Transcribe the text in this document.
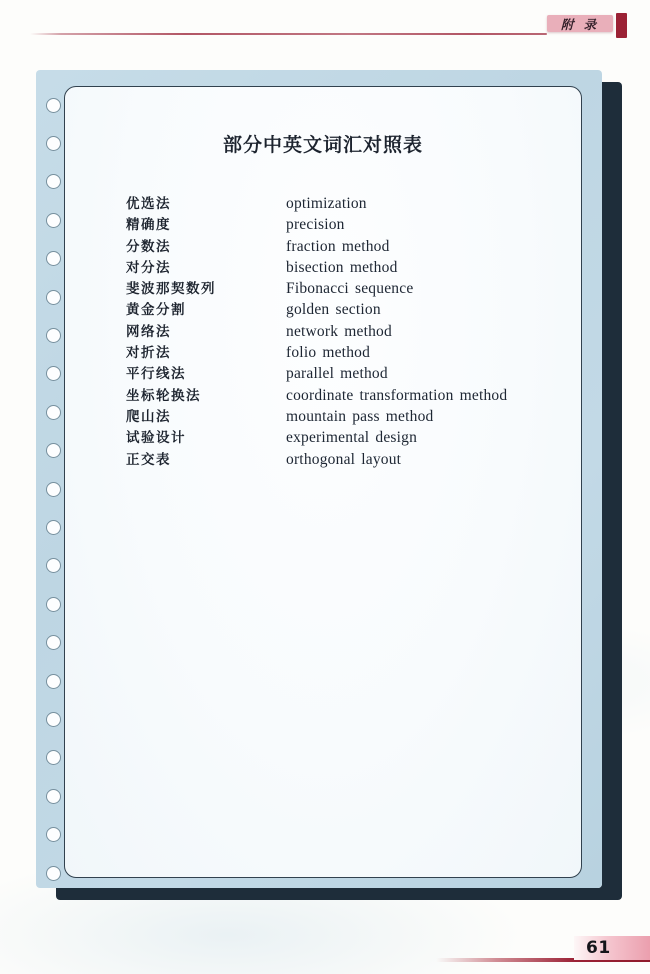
附 录
部分中英文词汇对照表
优选法	optimization
精确度	precision
分数法	fraction method
对分法	bisection method
斐波那契数列	Fibonacci sequence
黄金分割	golden section
网络法	network method
对折法	folio method
平行线法	parallel method
坐标轮换法	coordinate transformation method
爬山法	mountain pass method
试验设计	experimental design
正交表	orthogonal layout
61
